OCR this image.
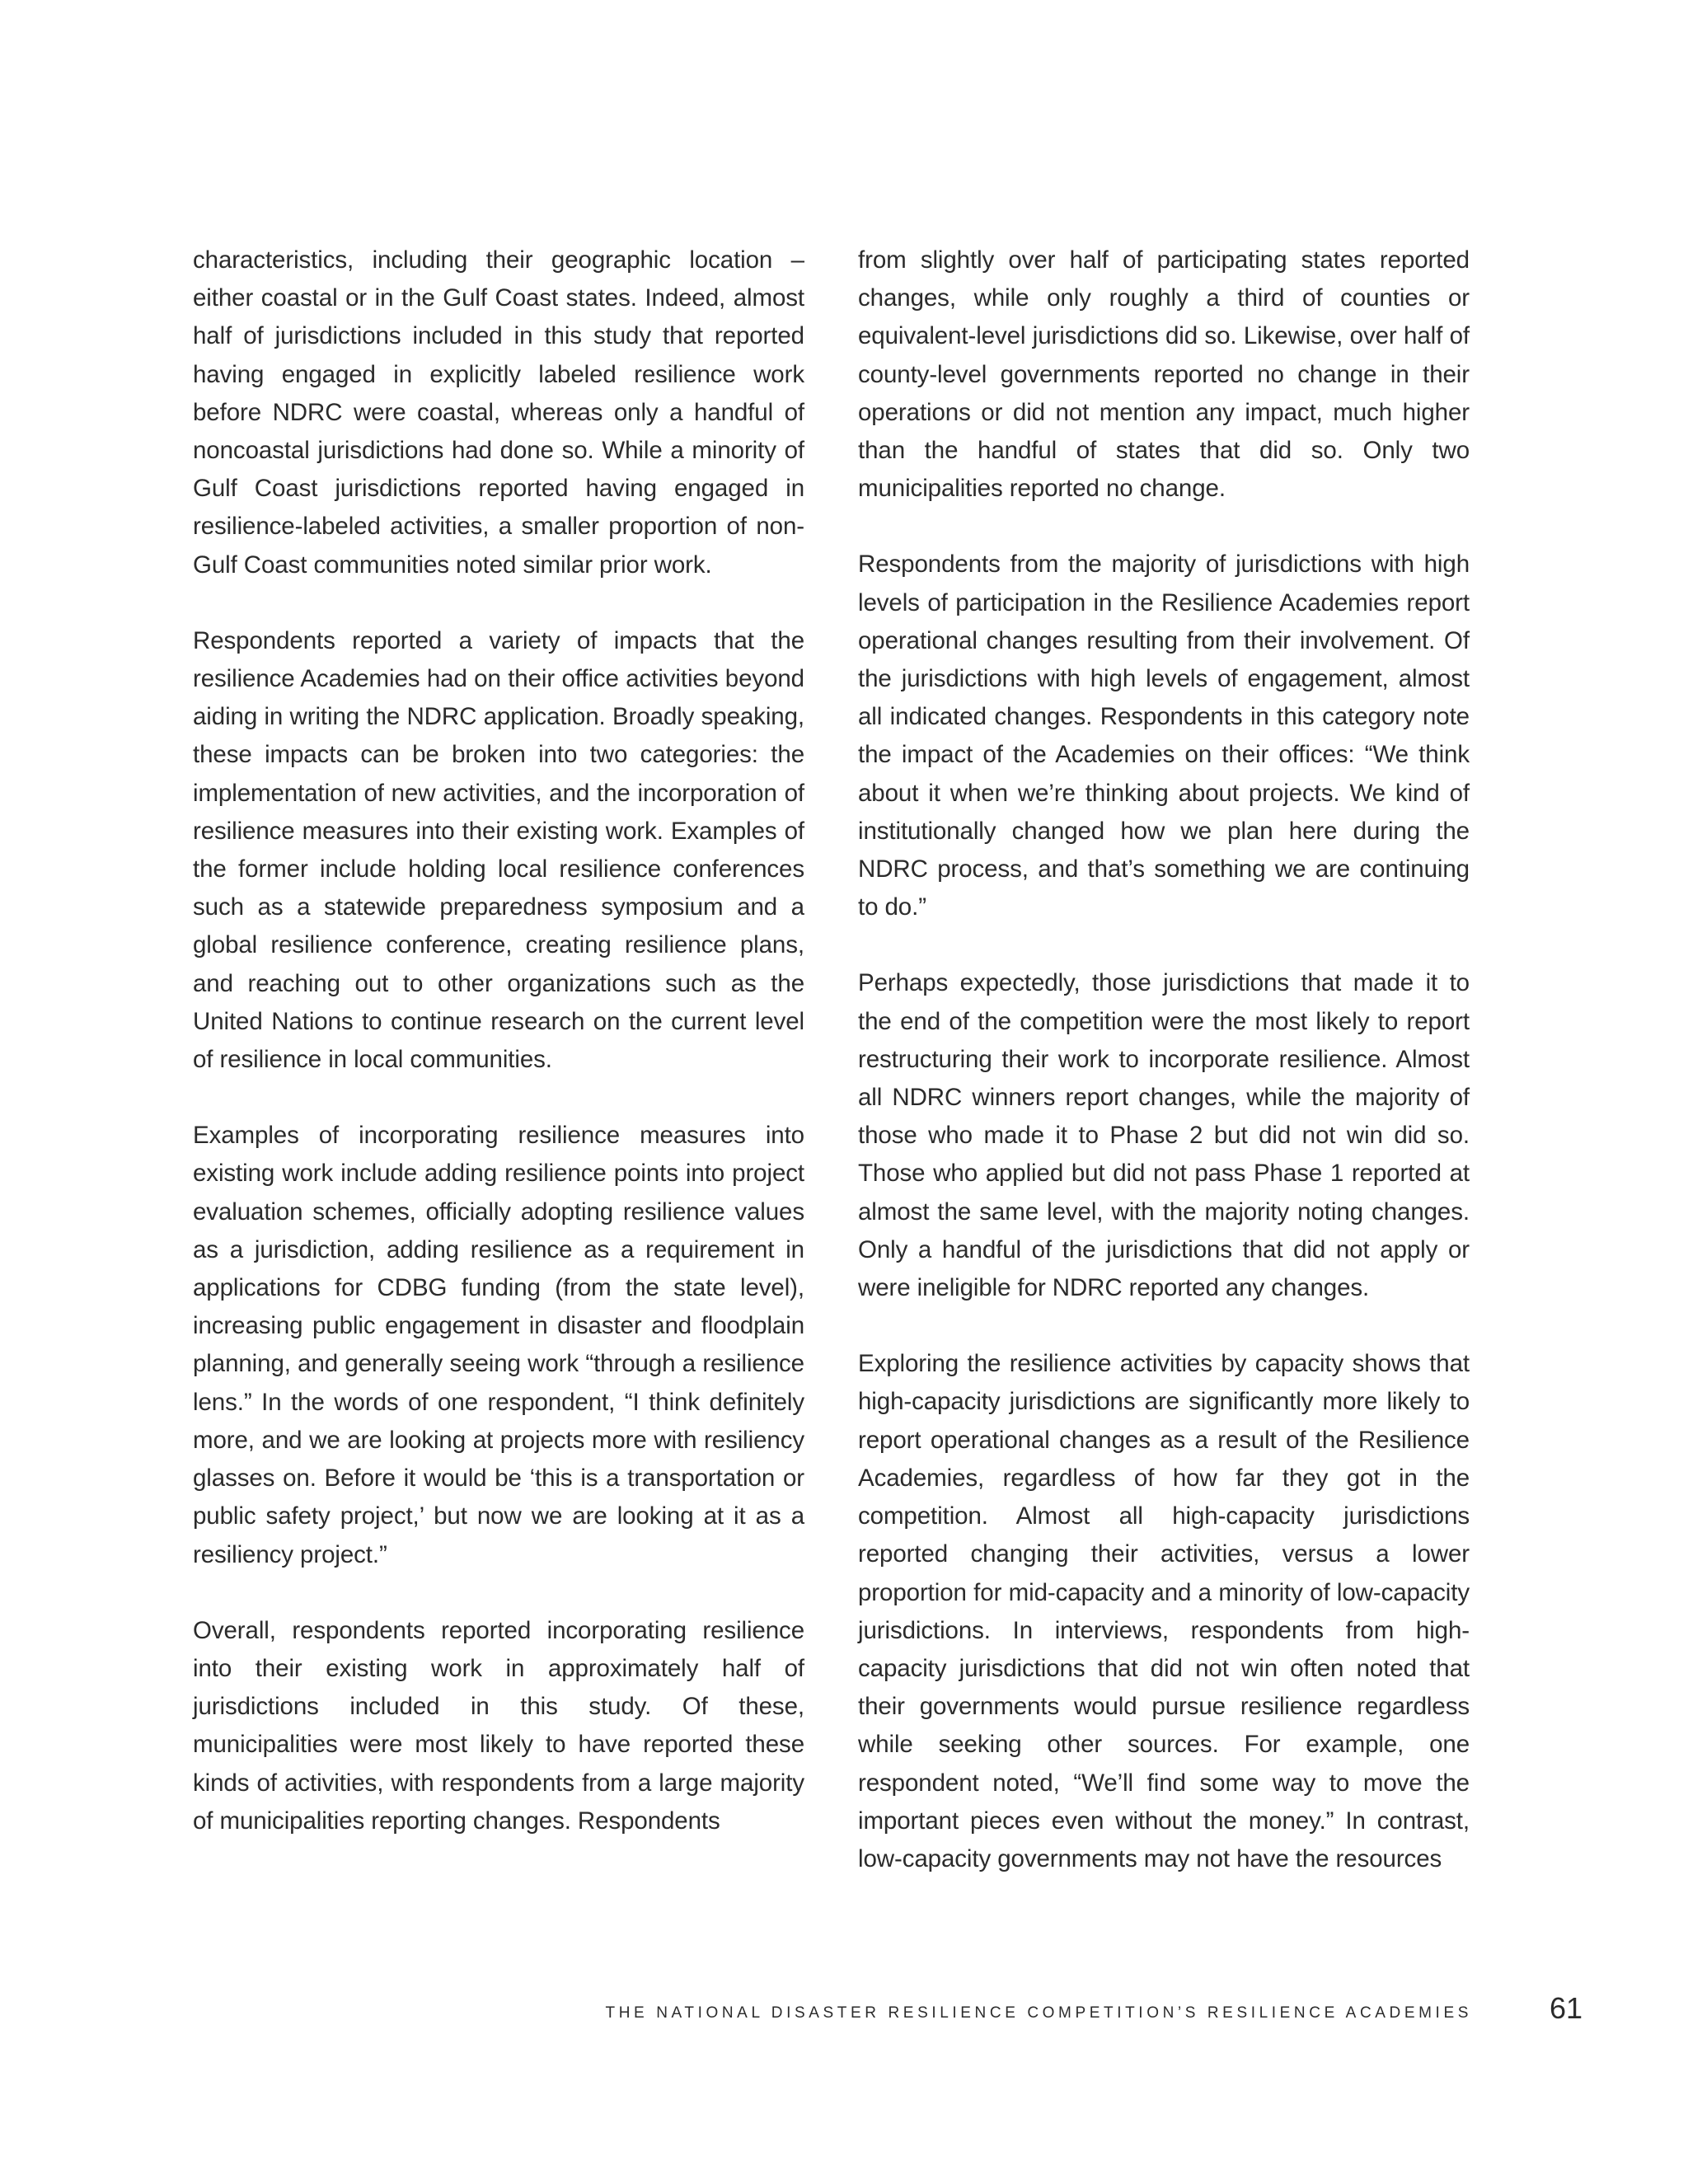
characteristics, including their geographic location – either coastal or in the Gulf Coast states. Indeed, almost half of jurisdictions included in this study that reported having engaged in explicitly labeled resilience work before NDRC were coastal, whereas only a handful of noncoastal jurisdictions had done so. While a minority of Gulf Coast jurisdictions reported having engaged in resilience-labeled activities, a smaller proportion of non-Gulf Coast communities noted similar prior work.

Respondents reported a variety of impacts that the resilience Academies had on their office activities beyond aiding in writing the NDRC application. Broadly speaking, these impacts can be broken into two categories: the implementation of new activities, and the incorporation of resilience measures into their existing work. Examples of the former include holding local resilience conferences such as a statewide preparedness symposium and a global resilience conference, creating resilience plans, and reaching out to other organizations such as the United Nations to continue research on the current level of resilience in local communities.

Examples of incorporating resilience measures into existing work include adding resilience points into project evaluation schemes, officially adopting resilience values as a jurisdiction, adding resilience as a requirement in applications for CDBG funding (from the state level), increasing public engagement in disaster and floodplain planning, and generally seeing work “through a resilience lens.” In the words of one respondent, “I think definitely more, and we are looking at projects more with resiliency glasses on. Before it would be ‘this is a transportation or public safety project,’ but now we are looking at it as a resiliency project.”

Overall, respondents reported incorporating resilience into their existing work in approximately half of jurisdictions included in this study. Of these, municipalities were most likely to have reported these kinds of activities, with respondents from a large majority of municipalities reporting changes. Respondents

from slightly over half of participating states reported changes, while only roughly a third of counties or equivalent-level jurisdictions did so. Likewise, over half of county-level governments reported no change in their operations or did not mention any impact, much higher than the handful of states that did so. Only two municipalities reported no change.

Respondents from the majority of jurisdictions with high levels of participation in the Resilience Academies report operational changes resulting from their involvement. Of the jurisdictions with high levels of engagement, almost all indicated changes. Respondents in this category note the impact of the Academies on their offices: “We think about it when we’re thinking about projects. We kind of institutionally changed how we plan here during the NDRC process, and that’s something we are continuing to do.”

Perhaps expectedly, those jurisdictions that made it to the end of the competition were the most likely to report restructuring their work to incorporate resilience. Almost all NDRC winners report changes, while the majority of those who made it to Phase 2 but did not win did so. Those who applied but did not pass Phase 1 reported at almost the same level, with the majority noting changes. Only a handful of the jurisdictions that did not apply or were ineligible for NDRC reported any changes.

Exploring the resilience activities by capacity shows that high-capacity jurisdictions are significantly more likely to report operational changes as a result of the Resilience Academies, regardless of how far they got in the competition. Almost all high-capacity jurisdictions reported changing their activities, versus a lower proportion for mid-capacity and a minority of low-capacity jurisdictions. In interviews, respondents from high-capacity jurisdictions that did not win often noted that their governments would pursue resilience regardless while seeking other sources. For example, one respondent noted, “We’ll find some way to move the important pieces even without the money.” In contrast, low-capacity governments may not have the resources

THE NATIONAL DISASTER RESILIENCE COMPETITION’S RESILIENCE ACADEMIES	61
